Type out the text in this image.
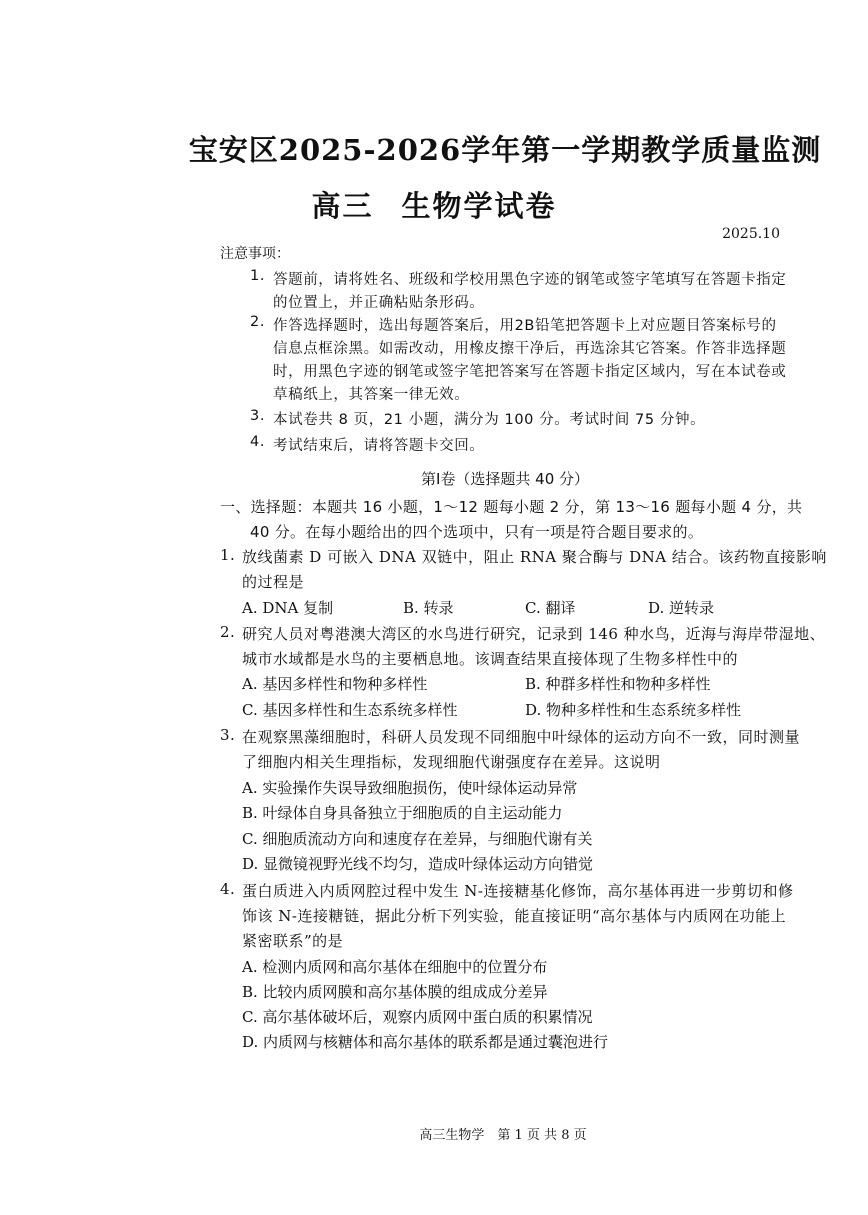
宝安区2025-2026学年第一学期教学质量监测
高三 生物学试卷
2025.10
注意事项：
1. 答题前，请将姓名、班级和学校用黑色字迹的钢笔或签字笔填写在答题卡指定
的位置上，并正确粘贴条形码。
2. 作答选择题时，选出每题答案后，用2B铅笔把答题卡上对应题目答案标号的
信息点框涂黑。如需改动，用橡皮擦干净后，再选涂其它答案。作答非选择题
时，用黑色字迹的钢笔或签字笔把答案写在答题卡指定区域内，写在本试卷或
草稿纸上，其答案一律无效。
3. 本试卷共 8 页，21 小题，满分为 100 分。考试时间 75 分钟。
4. 考试结束后，请将答题卡交回。
第Ⅰ卷（选择题共 40 分）
一、选择题：本题共 16 小题，1～12 题每小题 2 分，第 13～16 题每小题 4 分，共
40 分。在每小题给出的四个选项中，只有一项是符合题目要求的。
1. 放线菌素 D 可嵌入 DNA 双链中，阻止 RNA 聚合酶与 DNA 结合。该药物直接影响
的过程是
A. DNA 复制	B. 转录	C. 翻译	D. 逆转录
2. 研究人员对粤港澳大湾区的水鸟进行研究，记录到 146 种水鸟，近海与海岸带湿地、
城市水域都是水鸟的主要栖息地。该调查结果直接体现了生物多样性中的
A. 基因多样性和物种多样性	B. 种群多样性和物种多样性
C. 基因多样性和生态系统多样性	D. 物种多样性和生态系统多样性
3. 在观察黑藻细胞时，科研人员发现不同细胞中叶绿体的运动方向不一致，同时测量
了细胞内相关生理指标，发现细胞代谢强度存在差异。这说明
A. 实验操作失误导致细胞损伤，使叶绿体运动异常
B. 叶绿体自身具备独立于细胞质的自主运动能力
C. 细胞质流动方向和速度存在差异，与细胞代谢有关
D. 显微镜视野光线不均匀，造成叶绿体运动方向错觉
4. 蛋白质进入内质网腔过程中发生 N-连接糖基化修饰，高尔基体再进一步剪切和修
饰该 N-连接糖链，据此分析下列实验，能直接证明“高尔基体与内质网在功能上
紧密联系”的是
A. 检测内质网和高尔基体在细胞中的位置分布
B. 比较内质网膜和高尔基体膜的组成成分差异
C. 高尔基体破坏后，观察内质网中蛋白质的积累情况
D. 内质网与核糖体和高尔基体的联系都是通过囊泡进行
高三生物学　第 1 页 共 8 页
